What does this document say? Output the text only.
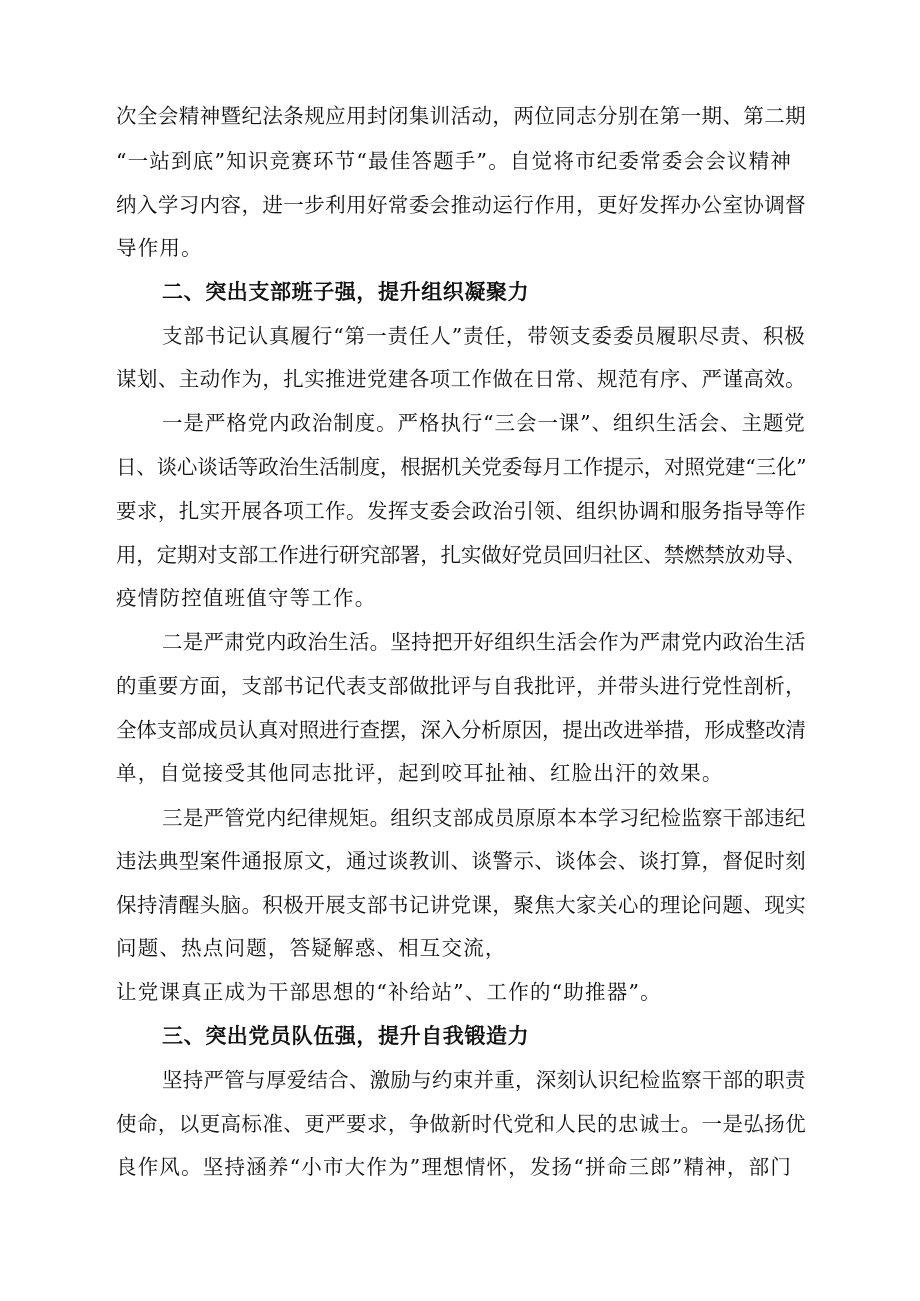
次全会精神暨纪法条规应用封闭集训活动，两位同志分别在第一期、第二期
“一站到底”知识竞赛环节“最佳答题手”。自觉将市纪委常委会会议精神
纳入学习内容，进一步利用好常委会推动运行作用，更好发挥办公室协调督
导作用。
二、突出支部班子强，提升组织凝聚力
支部书记认真履行“第一责任人”责任，带领支委委员履职尽责、积极
谋划、主动作为，扎实推进党建各项工作做在日常、规范有序、严谨高效。
一是严格党内政治制度。严格执行“三会一课”、组织生活会、主题党
日、谈心谈话等政治生活制度，根据机关党委每月工作提示，对照党建“三化”
要求，扎实开展各项工作。发挥支委会政治引领、组织协调和服务指导等作
用，定期对支部工作进行研究部署，扎实做好党员回归社区、禁燃禁放劝导、
疫情防控值班值守等工作。
二是严肃党内政治生活。坚持把开好组织生活会作为严肃党内政治生活
的重要方面，支部书记代表支部做批评与自我批评，并带头进行党性剖析，
全体支部成员认真对照进行查摆，深入分析原因，提出改进举措，形成整改清
单，自觉接受其他同志批评，起到咬耳扯袖、红脸出汗的效果。
三是严管党内纪律规矩。组织支部成员原原本本学习纪检监察干部违纪
违法典型案件通报原文，通过谈教训、谈警示、谈体会、谈打算，督促时刻
保持清醒头脑。积极开展支部书记讲党课，聚焦大家关心的理论问题、现实
问题、热点问题，答疑解惑、相互交流，
让党课真正成为干部思想的“补给站”、工作的“助推器”。
三、突出党员队伍强，提升自我锻造力
坚持严管与厚爱结合、激励与约束并重，深刻认识纪检监察干部的职责
使命，以更高标准、更严要求，争做新时代党和人民的忠诚士。一是弘扬优
良作风。坚持涵养“小市大作为”理想情怀，发扬“拼命三郎”精神，部门
